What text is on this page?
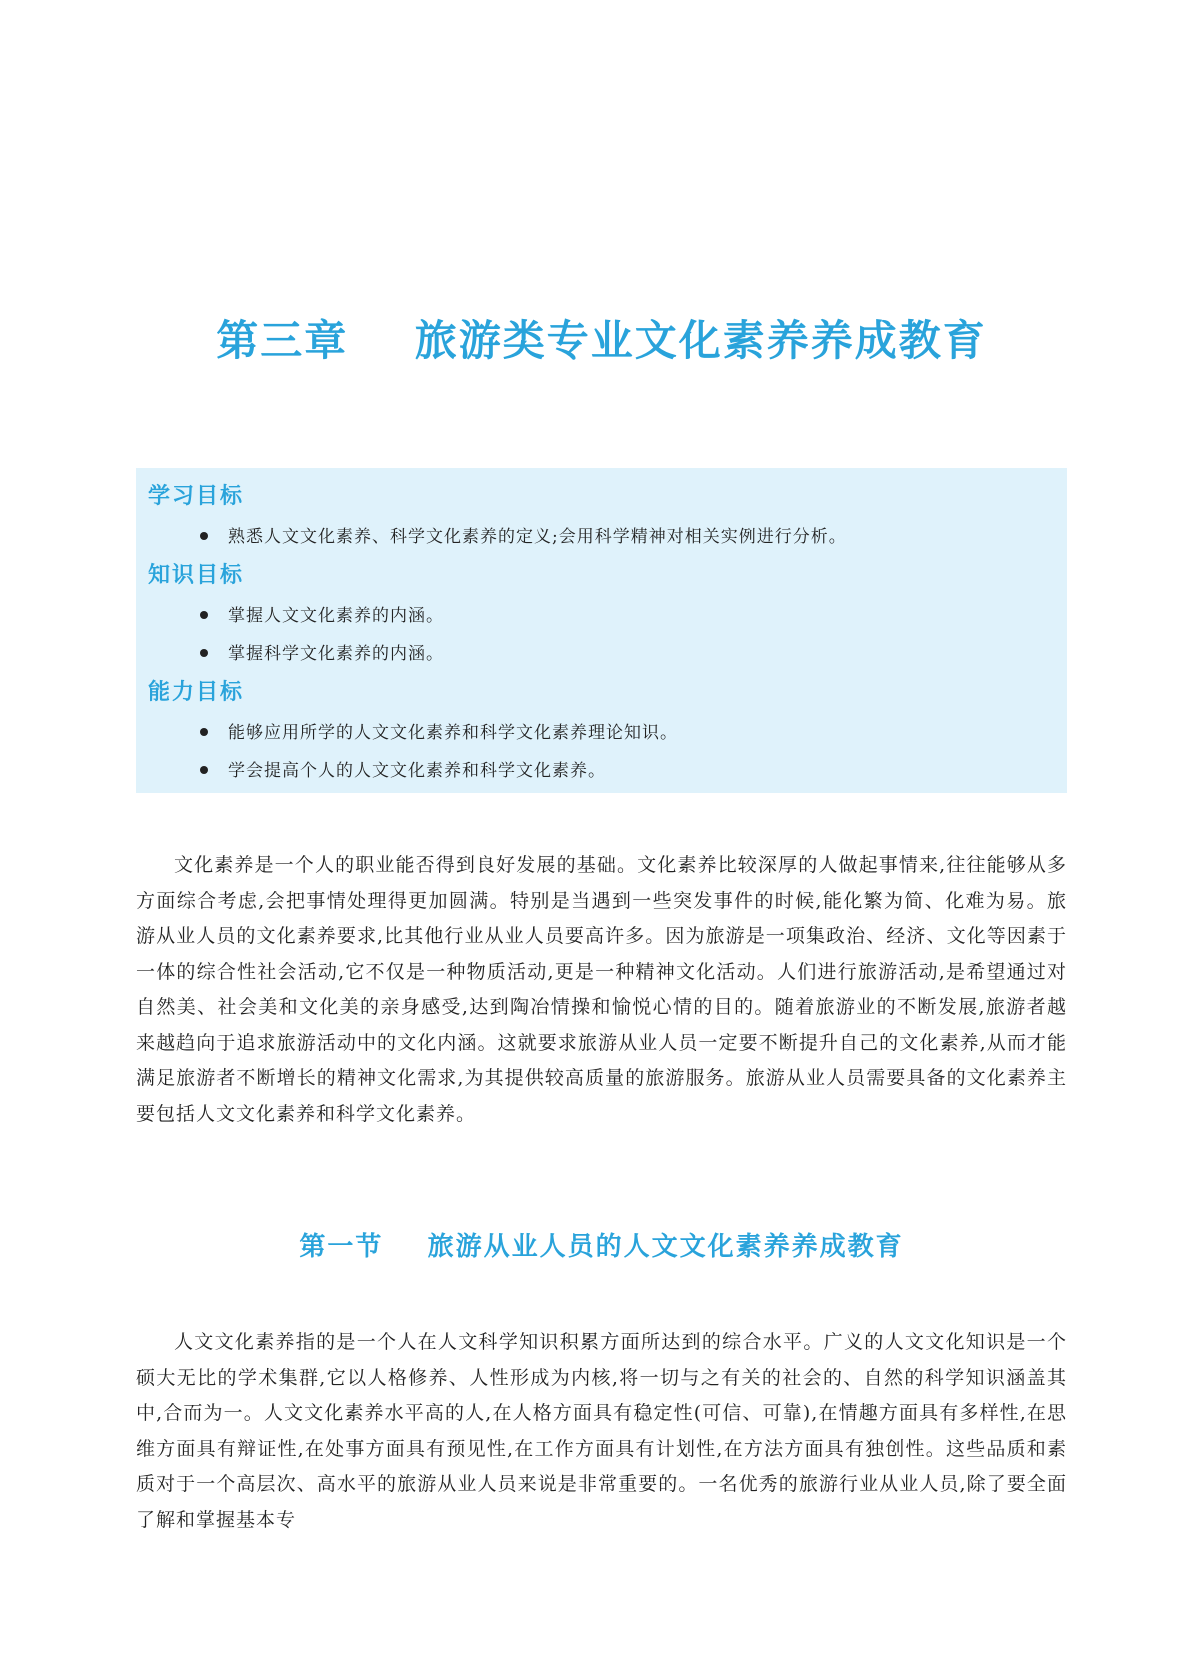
第三章    旅游类专业文化素养养成教育
学习目标

熟悉人文文化素养、科学文化素养的定义;会用科学精神对相关实例进行分析。

知识目标

掌握人文文化素养的内涵。

掌握科学文化素养的内涵。

能力目标

能够应用所学的人文文化素养和科学文化素养理论知识。

学会提高个人的人文文化素养和科学文化素养。

文化素养是一个人的职业能否得到良好发展的基础。文化素养比较深厚的人做起事情来,往往能够从多方面综合考虑,会把事情处理得更加圆满。特别是当遇到一些突发事件的时候,能化繁为简、化难为易。旅游从业人员的文化素养要求,比其他行业从业人员要高许多。因为旅游是一项集政治、经济、文化等因素于一体的综合性社会活动,它不仅是一种物质活动,更是一种精神文化活动。人们进行旅游活动,是希望通过对自然美、社会美和文化美的亲身感受,达到陶冶情操和愉悦心情的目的。随着旅游业的不断发展,旅游者越来越趋向于追求旅游活动中的文化内涵。这就要求旅游从业人员一定要不断提升自己的文化素养,从而才能满足旅游者不断增长的精神文化需求,为其提供较高质量的旅游服务。旅游从业人员需要具备的文化素养主要包括人文文化素养和科学文化素养。

第一节    旅游从业人员的人文文化素养养成教育

人文文化素养指的是一个人在人文科学知识积累方面所达到的综合水平。广义的人文文化知识是一个硕大无比的学术集群,它以人格修养、人性形成为内核,将一切与之有关的社会的、自然的科学知识涵盖其中,合而为一。人文文化素养水平高的人,在人格方面具有稳定性(可信、可靠),在情趣方面具有多样性,在思维方面具有辩证性,在处事方面具有预见性,在工作方面具有计划性,在方法方面具有独创性。这些品质和素质对于一个高层次、高水平的旅游从业人员来说是非常重要的。一名优秀的旅游行业从业人员,除了要全面了解和掌握基本专
